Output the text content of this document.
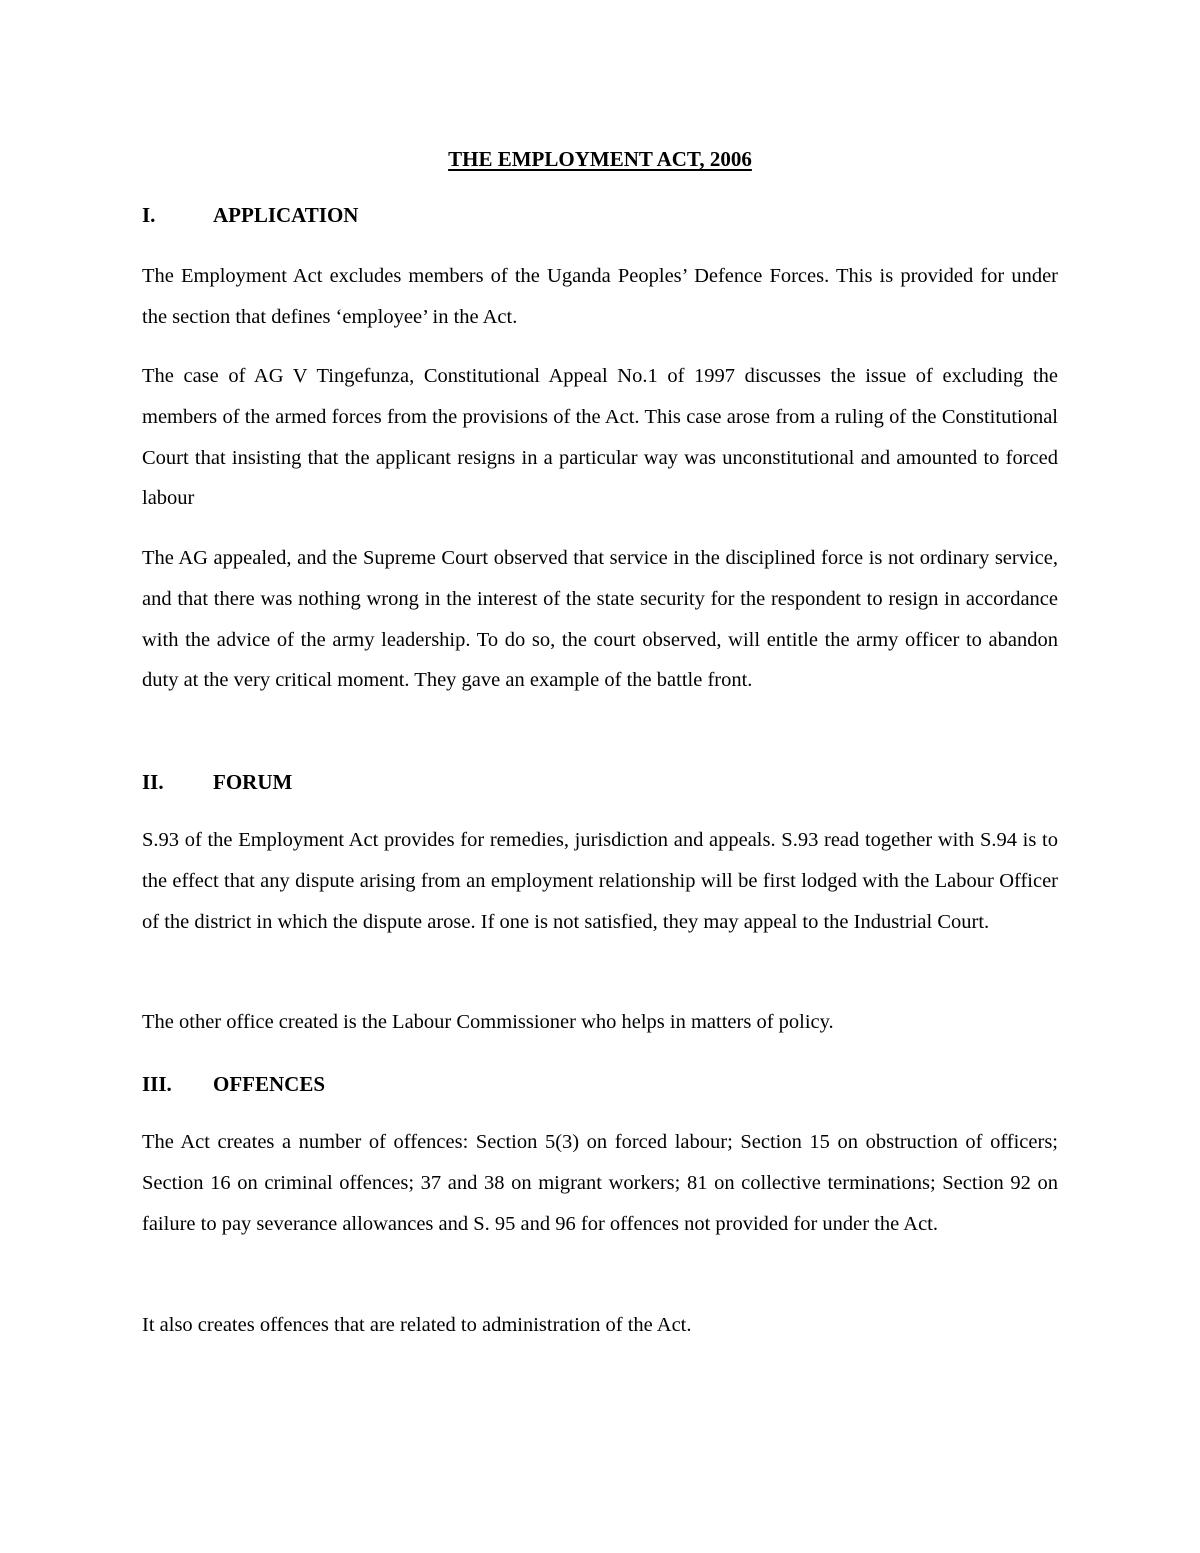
THE EMPLOYMENT ACT, 2006
I.	APPLICATION

The Employment Act excludes members of the Uganda Peoples’ Defence Forces. This is provided for under the section that defines ‘employee’ in the Act.

The case of AG V Tingefunza, Constitutional Appeal No.1 of 1997 discusses the issue of excluding the members of the armed forces from the provisions of the Act. This case arose from a ruling of the Constitutional Court that insisting that the applicant resigns in a particular way was unconstitutional and amounted to forced labour

The AG appealed, and the Supreme Court observed that service in the disciplined force is not ordinary service, and that there was nothing wrong in the interest of the state security for the respondent to resign in accordance with the advice of the army leadership. To do so, the court observed, will entitle the army officer to abandon duty at the very critical moment. They gave an example of the battle front.

II. FORUM

S.93 of the Employment Act provides for remedies, jurisdiction and appeals. S.93 read together with S.94 is to the effect that any dispute arising from an employment relationship will be first lodged with the Labour Officer of the district in which the dispute arose. If one is not satisfied, they may appeal to the Industrial Court.

The other office created is the Labour Commissioner who helps in matters of policy.

III. OFFENCES

The Act creates a number of offences: Section 5(3) on forced labour; Section 15 on obstruction of officers; Section 16 on criminal offences; 37 and 38 on migrant workers; 81 on collective terminations; Section 92 on failure to pay severance allowances and S. 95 and 96 for offences not provided for under the Act.

It also creates offences that are related to administration of the Act.
